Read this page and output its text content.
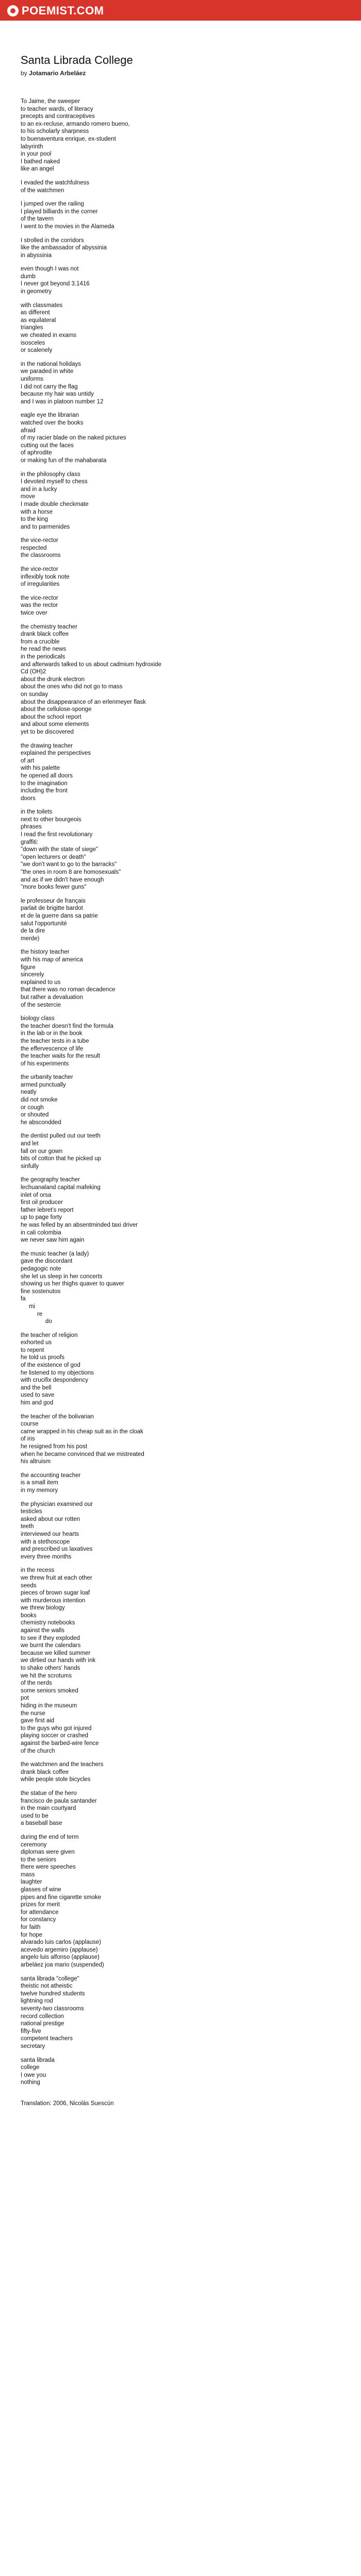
POEMIST.COM
Santa Librada College
by Jotamario Arbeláez
To Jaime, the sweeper
to teacher wards, of literacy
precepts and contraceptives
to an ex-recluse, armando romero bueno,
to his scholarly sharpness
to buenaventura enrique, ex-student
labyrinth
in your pool
I bathed naked
like an angel
I evaded the watchfulness
of the watchmen
I jumped over the railing
I played billiards in the corner
of the tavern
I went to the movies in the Alameda
I strolled in the corridors
like the ambassador of abyssinia
in abyssinia
even though I was not
dumb
I never got beyond 3.1416
in geometry
with classmates
as different
as equilateral
triangles
we cheated in exams
isosceles
or scalenely
in the national holidays
we paraded in white
uniforms
I did not carry the flag
because my hair was untidy
and I was in platoon number 12
eagle eye the librarian
watched over the books
afraid
of my racier blade on the naked pictures
cutting out the faces
of aphrodite
or making fun of the mahabarata
in the philosophy class
I devoted myself to chess
and in a lucky
move
I made double checkmate
with a horse
to the king
and to parmenides
the vice-rector
respected
the classrooms
the vice-rector
inflexibly took note
of irregularities
the vice-rector
was the rector
twice over
the chemistry teacher
drank black coffee
from a crucible
he read the news
in the periodicals
and afterwards talked to us about cadmium hydroxide
Cd (OH)2
about the drunk electron
about the ones who did not go to mass
on sunday
about the disappearance of an erlenmeyer flask
about the cellulose-sponge
about the school report
and about some elements
yet to be discovered
the drawing teacher
explained the perspectives
of art
with his palette
he opened all doors
to the imagination
including the front
doors
in the toilets
next to other bourgeois
phrases
I read the first revolutionary
graffiti:
"down with the state of siege"
"open lecturers or death"
"we don't want to go to the barracks"
"the ones in room 8 are homosexuals"
and as if we didn't have enough
"more books fewer guns"
le professeur de français
parlait de brigitte bardot
et de la guerre dans sa patrie
salut l'opportunité
de la dire
merde)
the history teacher
with his map of america
figure
sincerely
explained to us
that there was no roman decadence
but rather a devaluation
of the sestercie
biology class
the teacher doesn't find the formula
in the lab or in the book
the teacher tests in a tube
the effervescence of life
the teacher waits for the result
of his experiments
the urbanity teacher
armed punctually
neatly
did not smoke
or cough
or shouted
he abscondded
the dentist pulled out our teeth
and let
fall on our gown
bits of cotton that he picked up
sinfully
the geography teacher
lechuanaland capital mafeking
inlet of orsa
first oil producer
father lebret's report
up to page forty
he was felled by an absentminded taxi driver
in cali colombia
we never saw him again
the music teacher (a lady)
gave the discordant
pedagogic note
she let us sleep in her concerts
showing us her thighs quaver to quaver
fine sostenutos
fa
mi
re
do
the teacher of religion
exhorted us
to repent
he told us proofs
of the existence of god
he listened to my objections
with crucifix despondency
and the bell
used to save
him and god
the teacher of the bolivarian
course
came wrapped in his cheap suit as in the cloak
of iris
he resigned from his post
when he became convinced that we mistreated
his altruism
the accounting teacher
is a small item
in my memory
the physician examined our
testicles
asked about our rotten
teeth
interviewed our hearts
with a stethoscope
and prescribed us laxatives
every three months
in the recess
we threw fruit at each other
seeds
pieces of brown sugar loaf
with murderous intention
we threw biology
books
chemistry notebooks
against the walls
to see if they exploded
we burnt the calendars
because we killed summer
we dirtied our hands with ink
to shake others' hands
we hit the scrotums
of the nerds
some seniors smoked
pot
hiding in the museum
the nurse
gave first aid
to the guys who got injured
playing soccer or crashed
against the barbed-wire fence
of the church
the watchmen and the teachers
drank black coffee
while people stole bicycles
the statue of the hero
francisco de paula santander
in the main courtyard
used to be
a baseball base
during the end of term
ceremony
diplomas were given
to the seniors
there were speeches
mass
laughter
glasses of wine
pipes and fine cigarette smoke
prizes for merit
for attendance
for constancy
for faith
for hope
alvarado luis carlos (applause)
acevedo argemiro (applause)
angelo luis alfonso (applause)
arbeláez joa mario (suspended)
santa librada "college"
theistic not atheistic
twelve hundred students
lightning rod
seventy-two classrooms
record collection
national prestige
fifty-five
competent teachers
secretary
santa librada
college
I owe you
nothing
Translation: 2006, Nicolás Suescún
